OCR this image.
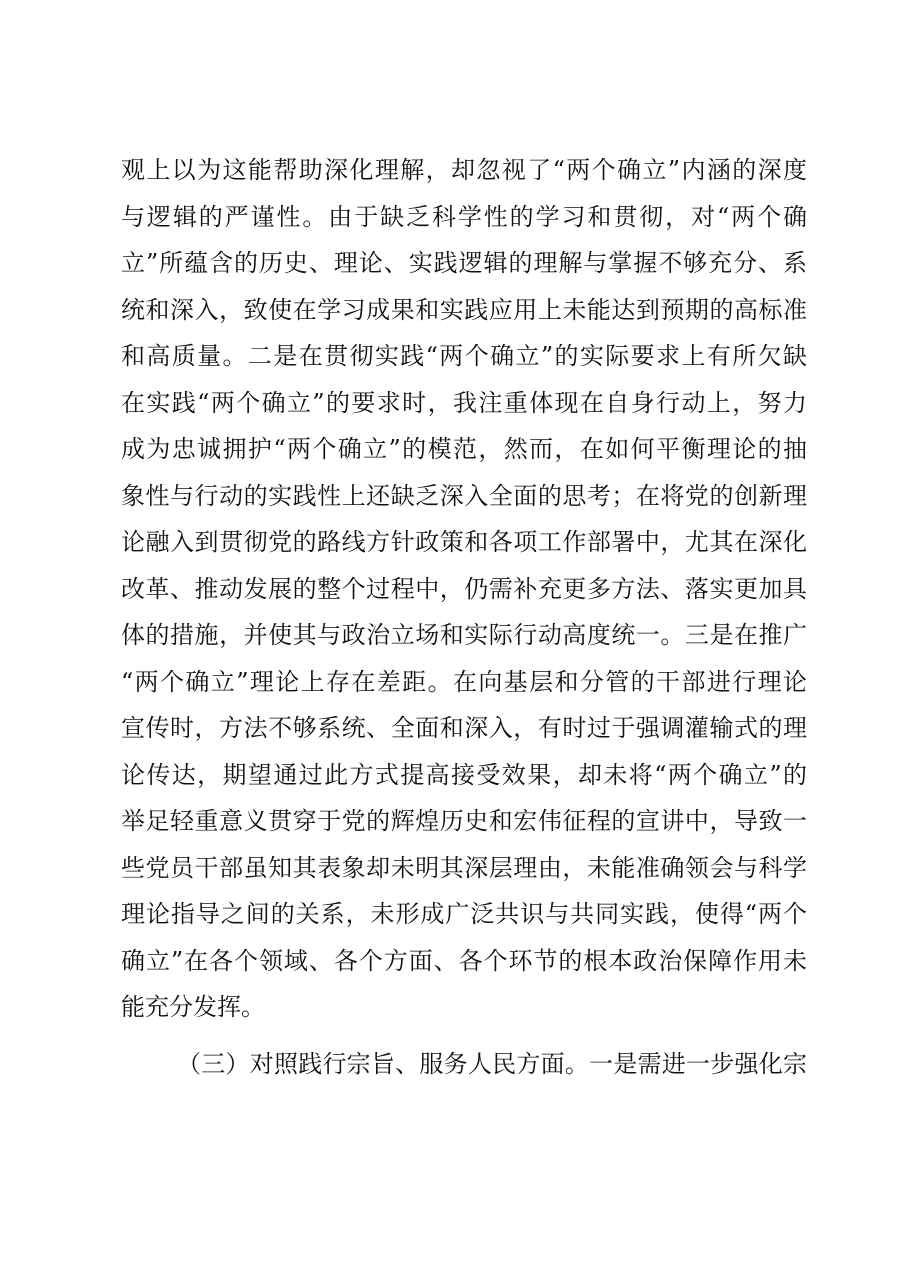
观上以为这能帮助深化理解，却忽视了“两个确立”内涵的深度
与逻辑的严谨性。由于缺乏科学性的学习和贯彻，对“两个确
立”所蕴含的历史、理论、实践逻辑的理解与掌握不够充分、系
统和深入，致使在学习成果和实践应用上未能达到预期的高标准
和高质量。二是在贯彻实践“两个确立”的实际要求上有所欠缺
在实践“两个确立”的要求时，我注重体现在自身行动上，努力
成为忠诚拥护“两个确立”的模范，然而，在如何平衡理论的抽
象性与行动的实践性上还缺乏深入全面的思考；在将党的创新理
论融入到贯彻党的路线方针政策和各项工作部署中，尤其在深化
改革、推动发展的整个过程中，仍需补充更多方法、落实更加具
体的措施，并使其与政治立场和实际行动高度统一。三是在推广
“两个确立”理论上存在差距。在向基层和分管的干部进行理论
宣传时，方法不够系统、全面和深入，有时过于强调灌输式的理
论传达，期望通过此方式提高接受效果，却未将“两个确立”的
举足轻重意义贯穿于党的辉煌历史和宏伟征程的宣讲中，导致一
些党员干部虽知其表象却未明其深层理由，未能准确领会与科学
理论指导之间的关系，未形成广泛共识与共同实践，使得“两个
确立”在各个领域、各个方面、各个环节的根本政治保障作用未
能充分发挥。
（三）对照践行宗旨、服务人民方面。一是需进一步强化宗
